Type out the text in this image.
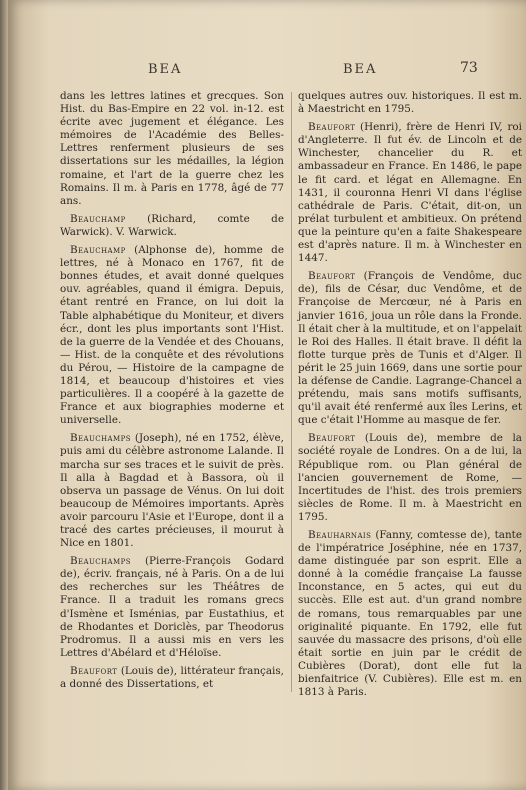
BEA	BEA	73

dans les lettres latines et grecques. Son Hist. du Bas-Empire en 22 vol. in-12. est écrite avec jugement et élégance. Les mémoires de l'Académie des Belles-Lettres renferment plusieurs de ses dissertations sur les médailles, la légion romaine, et l'art de la guerre chez les Romains. Il m. à Paris en 1778, âgé de 77 ans.

Beauchamp (Richard, comte de Warwick). V. Warwick.

Beauchamp (Alphonse de), homme de lettres, né à Monaco en 1767, fit de bonnes études, et avait donné quelques ouv. agréables, quand il émigra. Depuis, étant rentré en France, on lui doit la Table alphabétique du Moniteur, et divers écr., dont les plus importants sont l'Hist. de la guerre de la Vendée et des Chouans, — Hist. de la conquête et des révolutions du Pérou, — Histoire de la campagne de 1814, et beaucoup d'histoires et vies particulières. Il a coopéré à la gazette de France et aux biographies moderne et universelle.

Beauchamps (Joseph), né en 1752, élève, puis ami du célèbre astronome Lalande. Il marcha sur ses traces et le suivit de près. Il alla à Bagdad et à Bassora, où il observa un passage de Vénus. On lui doit beaucoup de Mémoires importants. Après avoir parcouru l'Asie et l'Europe, dont il a tracé des cartes précieuses, il mourut à Nice en 1801.

Beauchamps (Pierre-François Godard de), écriv. français, né à Paris. On a de lui des recherches sur les Théâtres de France. Il a traduit les romans grecs d'Ismène et Isménias, par Eustathius, et de Rhodantes et Doriclès, par Theodorus Prodromus. Il a aussi mis en vers les Lettres d'Abélard et d'Héloïse.

Beaufort (Louis de), littérateur français, a donné des Dissertations, et

quelques autres ouv. historiques. Il est m. à Maestricht en 1795.

Beaufort (Henri), frère de Henri IV, roi d'Angleterre. Il fut év. de Lincoln et de Winchester, chancelier du R. et ambassadeur en France. En 1486, le pape le fit card. et légat en Allemagne. En 1431, il couronna Henri VI dans l'église cathédrale de Paris. C'était, dit-on, un prélat turbulent et ambitieux. On prétend que la peinture qu'en a faite Shakespeare est d'après nature. Il m. à Winchester en 1447.

Beaufort (François de Vendôme, duc de), fils de César, duc Vendôme, et de Françoise de Mercœur, né à Paris en janvier 1616, joua un rôle dans la Fronde. Il était cher à la multitude, et on l'appelait le Roi des Halles. Il était brave. Il défit la flotte turque près de Tunis et d'Alger. Il périt le 25 juin 1669, dans une sortie pour la défense de Candie. Lagrange-Chancel a prétendu, mais sans motifs suffisants, qu'il avait été renfermé aux îles Lerins, et que c'était l'Homme au masque de fer.

Beaufort (Louis de), membre de la société royale de Londres. On a de lui, la République rom. ou Plan général de l'ancien gouvernement de Rome, — Incertitudes de l'hist. des trois premiers siècles de Rome. Il m. à Maestricht en 1795.

Beauharnais (Fanny, comtesse de), tante de l'impératrice Joséphine, née en 1737, dame distinguée par son esprit. Elle a donné à la comédie française La fausse Inconstance, en 5 actes, qui eut du succès. Elle est aut. d'un grand nombre de romans, tous remarquables par une originalité piquante. En 1792, elle fut sauvée du massacre des prisons, d'où elle était sortie en juin par le crédit de Cubières (Dorat), dont elle fut la bienfaitrice (V. Cubières). Elle est m. en 1813 à Paris.
